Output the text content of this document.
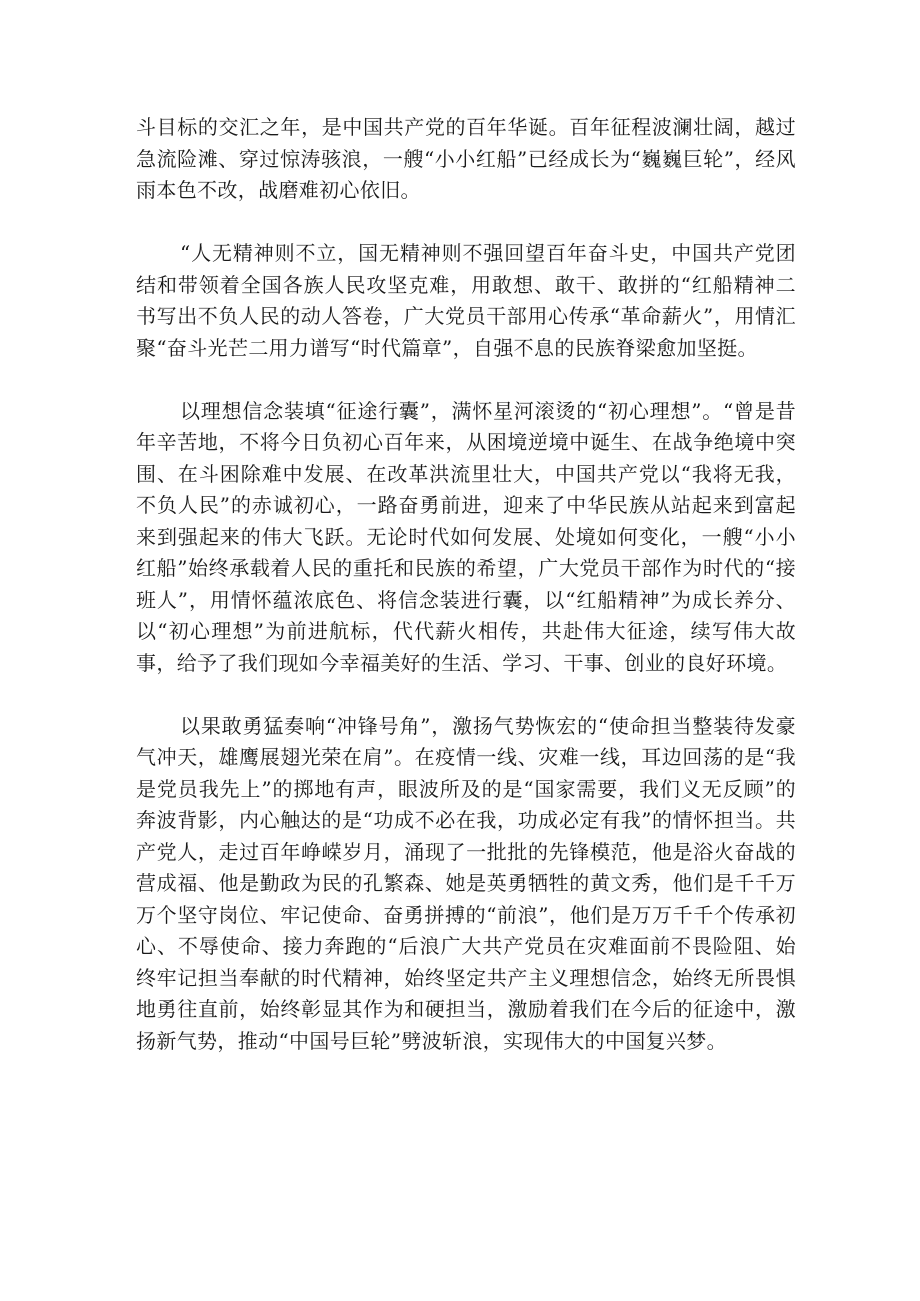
斗目标的交汇之年，是中国共产党的百年华诞。百年征程波澜壮阔，越过急流险滩、穿过惊涛骇浪，一艘“小小红船”已经成长为“巍巍巨轮”，经风雨本色不改，战磨难初心依旧。

“人无精神则不立，国无精神则不强回望百年奋斗史，中国共产党团结和带领着全国各族人民攻坚克难，用敢想、敢干、敢拼的“红船精神二书写出不负人民的动人答卷，广大党员干部用心传承“革命薪火”，用情汇聚“奋斗光芒二用力谱写“时代篇章”，自强不息的民族脊梁愈加坚挺。

以理想信念装填“征途行囊”，满怀星河滚烫的“初心理想”。“曾是昔年辛苦地，不将今日负初心百年来，从困境逆境中诞生、在战争绝境中突围、在斗困除难中发展、在改革洪流里壮大，中国共产党以“我将无我，不负人民”的赤诚初心，一路奋勇前进，迎来了中华民族从站起来到富起来到强起来的伟大飞跃。无论时代如何发展、处境如何变化，一艘“小小红船”始终承载着人民的重托和民族的希望，广大党员干部作为时代的“接班人”，用情怀蕴浓底色、将信念装进行囊，以“红船精神”为成长养分、以“初心理想”为前进航标，代代薪火相传，共赴伟大征途，续写伟大故事，给予了我们现如今幸福美好的生活、学习、干事、创业的良好环境。

以果敢勇猛奏响“冲锋号角”，激扬气势恢宏的“使命担当整装待发豪气冲天，雄鹰展翅光荣在肩”。在疫情一线、灾难一线，耳边回荡的是“我是党员我先上”的掷地有声，眼波所及的是“国家需要，我们义无反顾”的奔波背影，内心触达的是“功成不必在我，功成必定有我”的情怀担当。共产党人，走过百年峥嵘岁月，涌现了一批批的先锋模范，他是浴火奋战的营成福、他是勤政为民的孔繁森、她是英勇牺牲的黄文秀，他们是千千万万个坚守岗位、牢记使命、奋勇拼搏的“前浪”，他们是万万千千个传承初心、不辱使命、接力奔跑的“后浪广大共产党员在灾难面前不畏险阻、始终牢记担当奉献的时代精神，始终坚定共产主义理想信念，始终无所畏惧地勇往直前，始终彰显其作为和硬担当，激励着我们在今后的征途中，激扬新气势，推动“中国号巨轮”劈波斩浪，实现伟大的中国复兴梦。
